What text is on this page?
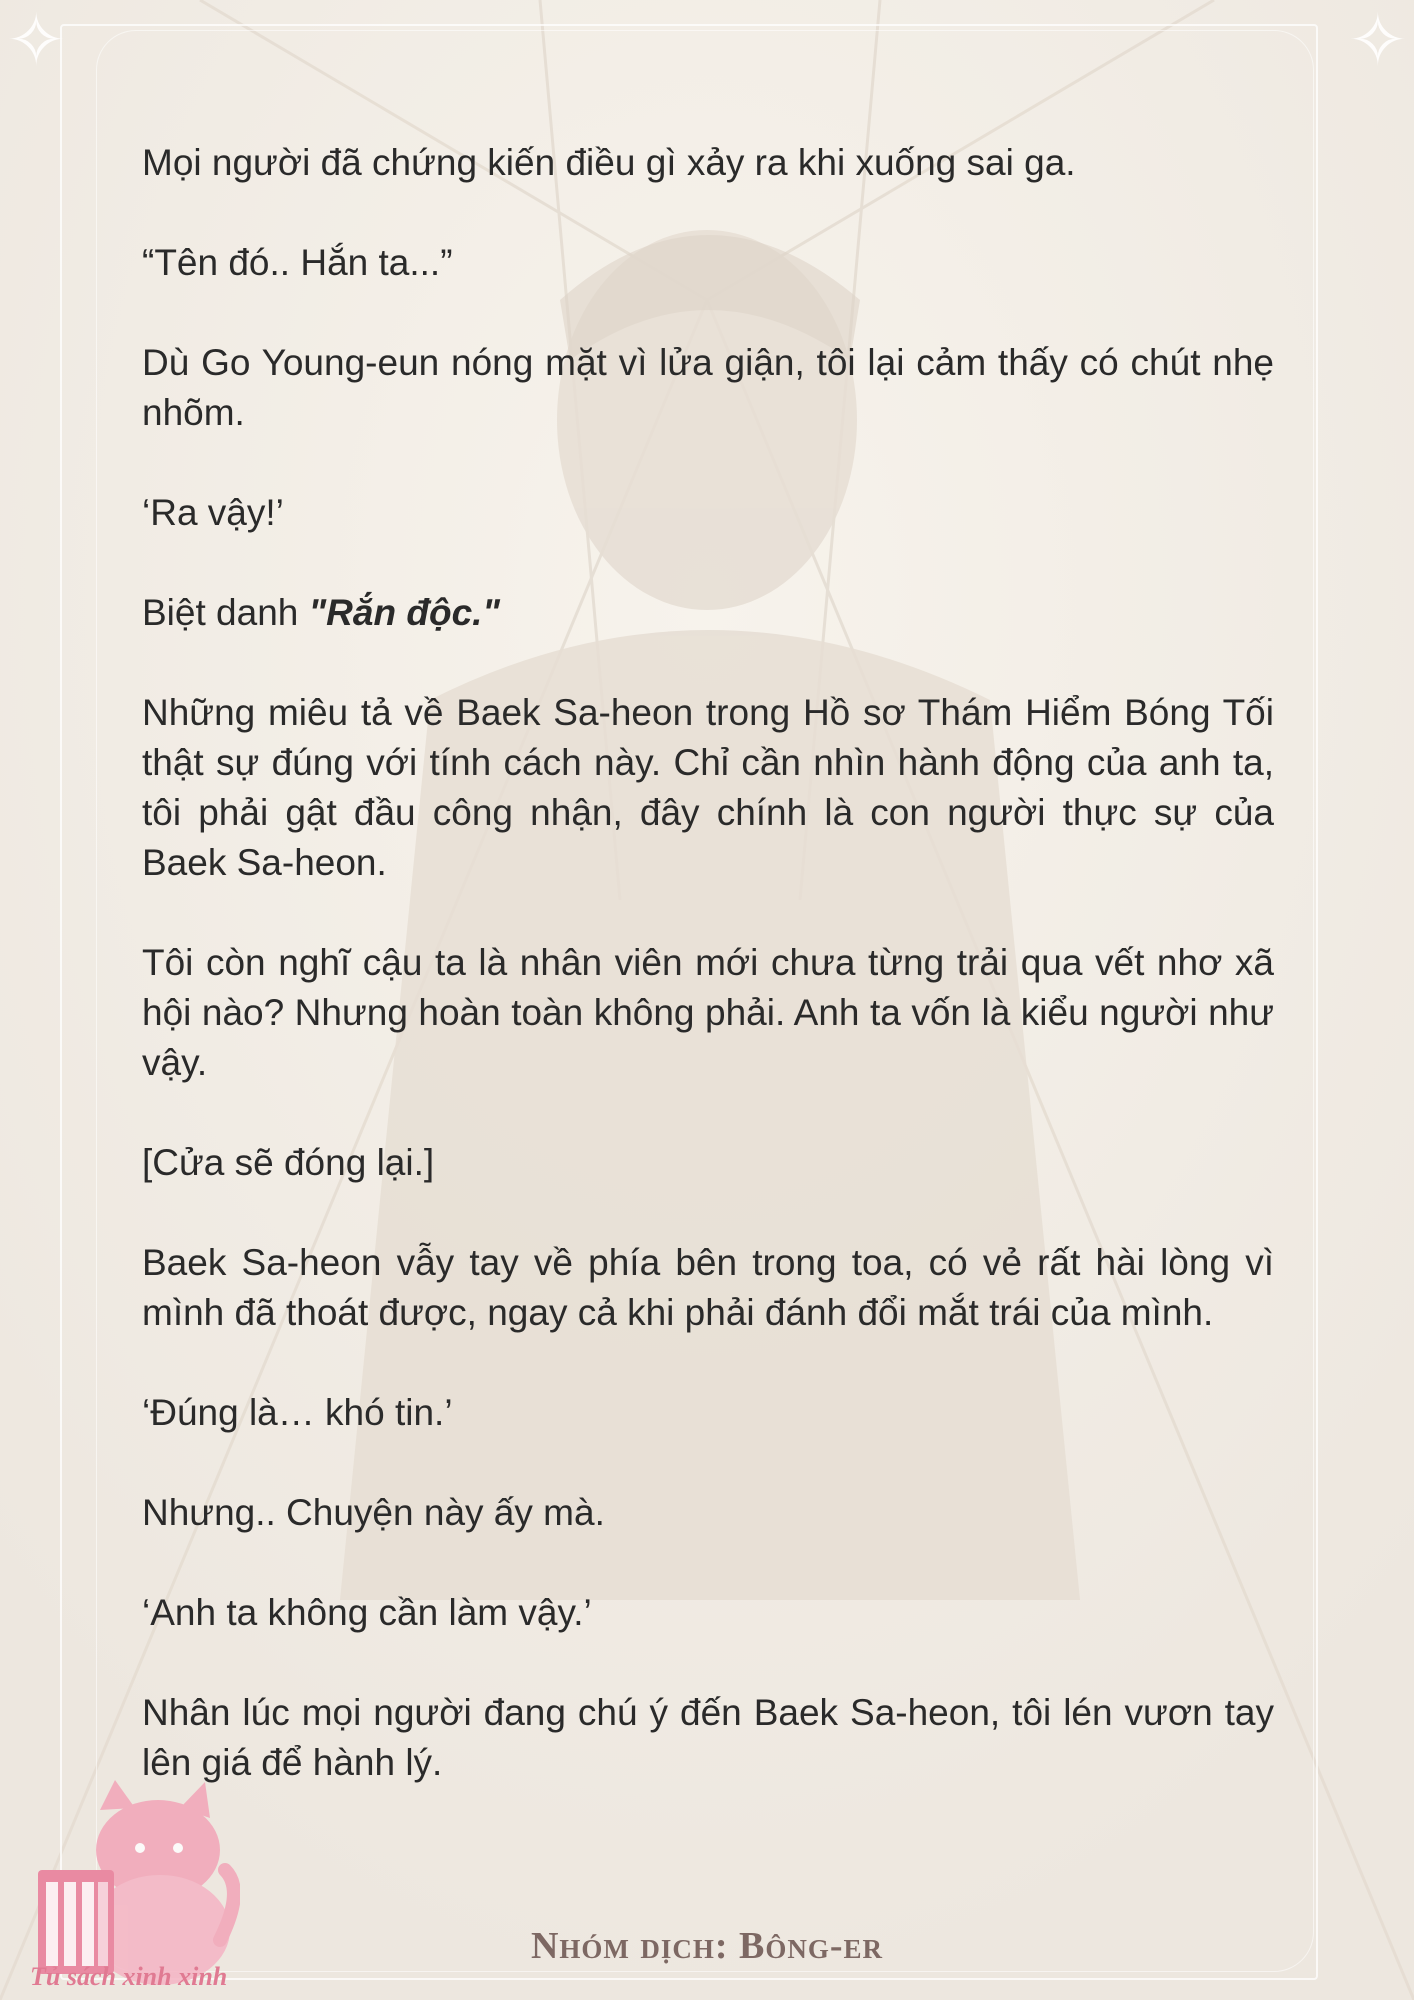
✧	✧

Mọi người đã chứng kiến điều gì xảy ra khi xuống sai ga.

“Tên đó.. Hắn ta...”

Dù Go Young-eun nóng mặt vì lửa giận, tôi lại cảm thấy có chút nhẹ nhõm.

‘Ra vậy!’

Biệt danh "Rắn độc."

Những miêu tả về Baek Sa-heon trong Hồ sơ Thám Hiểm Bóng Tối thật sự đúng với tính cách này. Chỉ cần nhìn hành động của anh ta, tôi phải gật đầu công nhận, đây chính là con người thực sự của Baek Sa-heon.

Tôi còn nghĩ cậu ta là nhân viên mới chưa từng trải qua vết nhơ xã hội nào? Nhưng hoàn toàn không phải. Anh ta vốn là kiểu người như vậy.

[Cửa sẽ đóng lại.]

Baek Sa-heon vẫy tay về phía bên trong toa, có vẻ rất hài lòng vì mình đã thoát được, ngay cả khi phải đánh đổi mắt trái của mình.

‘Đúng là… khó tin.’

Nhưng.. Chuyện này ấy mà.

‘Anh ta không cần làm vậy.’

Nhân lúc mọi người đang chú ý đến Baek Sa-heon, tôi lén vươn tay lên giá để hành lý.

Tủ sách xinh xinh
Nhóm dịch: Bông-er
